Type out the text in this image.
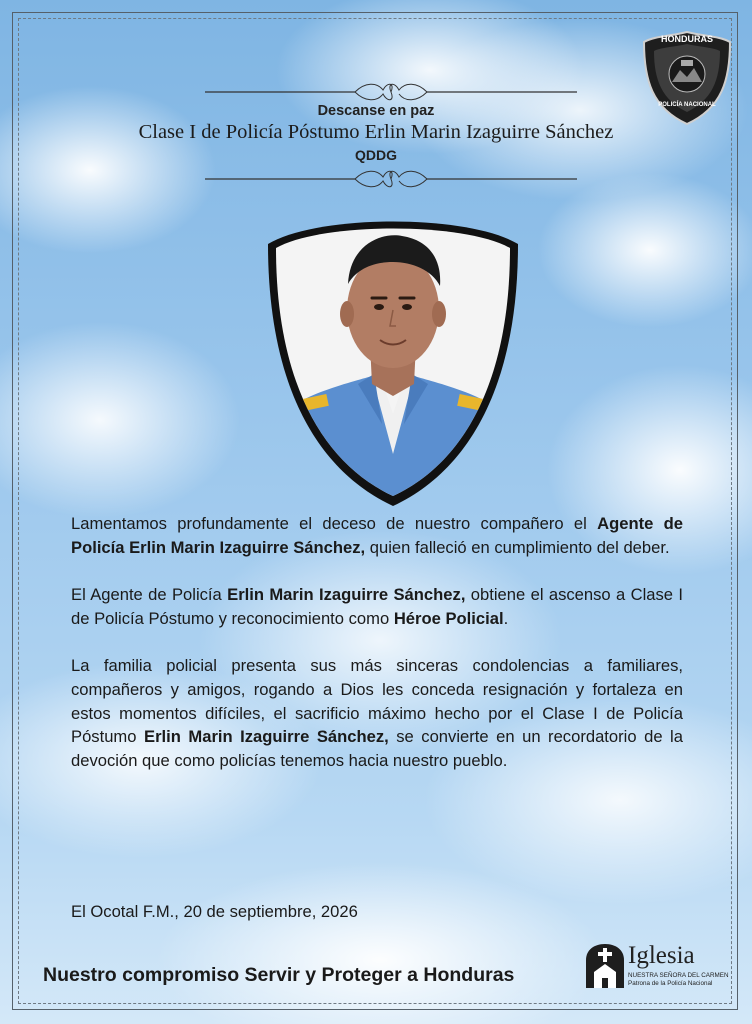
HONDURAS
POLICÍA NACIONAL
Descanse en paz
Clase I de Policía Póstumo Erlin Marin Izaguirre Sánchez
QDDG

Lamentamos profundamente el deceso de nuestro compañero el Agente de Policía Erlin Marin Izaguirre Sánchez, quien falleció en cumplimiento del deber.

El Agente de Policía Erlin Marin Izaguirre Sánchez, obtiene el ascenso a Clase I de Policía Póstumo y reconocimiento como Héroe Policial.

La familia policial presenta sus más sinceras condolencias a familiares, compañeros y amigos, rogando a Dios les conceda resignación y fortaleza en estos momentos difíciles, el sacrificio máximo hecho por el Clase I de Policía Póstumo Erlin Marin Izaguirre Sánchez, se convierte en un recordatorio de la devoción que como policías tenemos hacia nuestro pueblo.

El Ocotal F.M., 20 de septiembre, 2026
Nuestro compromiso Servir y Proteger a Honduras
Iglesia
NUESTRA SEÑORA DEL CARMEN
Patrona de la Policía Nacional
